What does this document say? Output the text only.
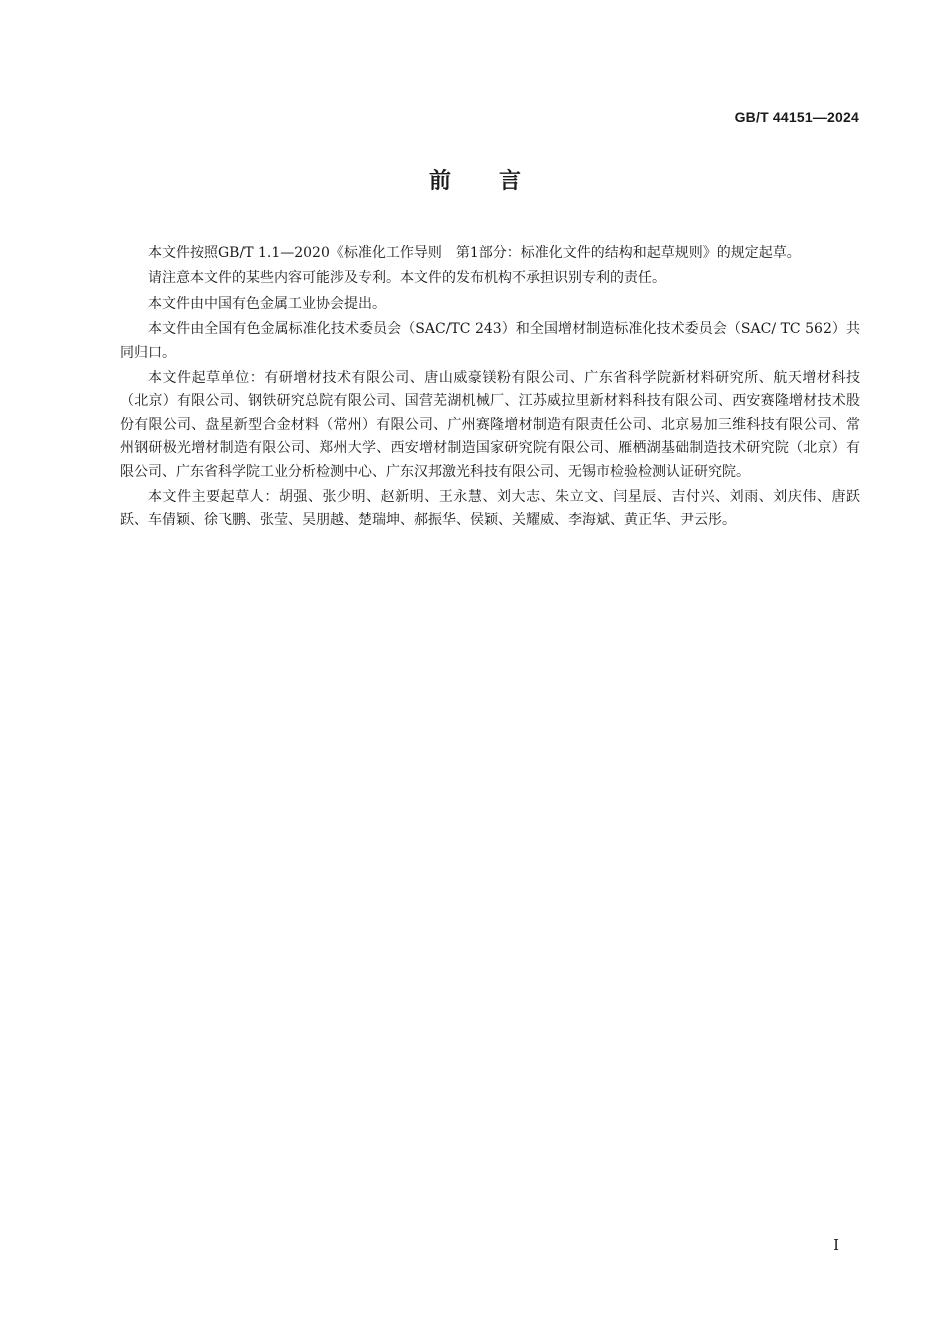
GB/T 44151—2024
前言

本文件按照GB/T 1.1—2020《标准化工作导则　第1部分：标准化文件的结构和起草规则》的规定起草。

请注意本文件的某些内容可能涉及专利。本文件的发布机构不承担识别专利的责任。

本文件由中国有色金属工业协会提出。

本文件由全国有色金属标准化技术委员会（SAC/TC 243）和全国增材制造标准化技术委员会（SAC/ TC 562）共同归口。

本文件起草单位：有研增材技术有限公司、唐山威豪镁粉有限公司、广东省科学院新材料研究所、航天增材科技（北京）有限公司、钢铁研究总院有限公司、国营芜湖机械厂、江苏威拉里新材料科技有限公司、西安赛隆增材技术股份有限公司、盘星新型合金材料（常州）有限公司、广州赛隆增材制造有限责任公司、北京易加三维科技有限公司、常州钢研极光增材制造有限公司、郑州大学、西安增材制造国家研究院有限公司、雁栖湖基础制造技术研究院（北京）有限公司、广东省科学院工业分析检测中心、广东汉邦激光科技有限公司、无锡市检验检测认证研究院。

本文件主要起草人：胡强、张少明、赵新明、王永慧、刘大志、朱立文、闫星辰、吉付兴、刘雨、刘庆伟、唐跃跃、车倩颖、徐飞鹏、张莹、吴朋越、楚瑞坤、郝振华、侯颖、关耀威、李海斌、黄正华、尹云彤。

I
